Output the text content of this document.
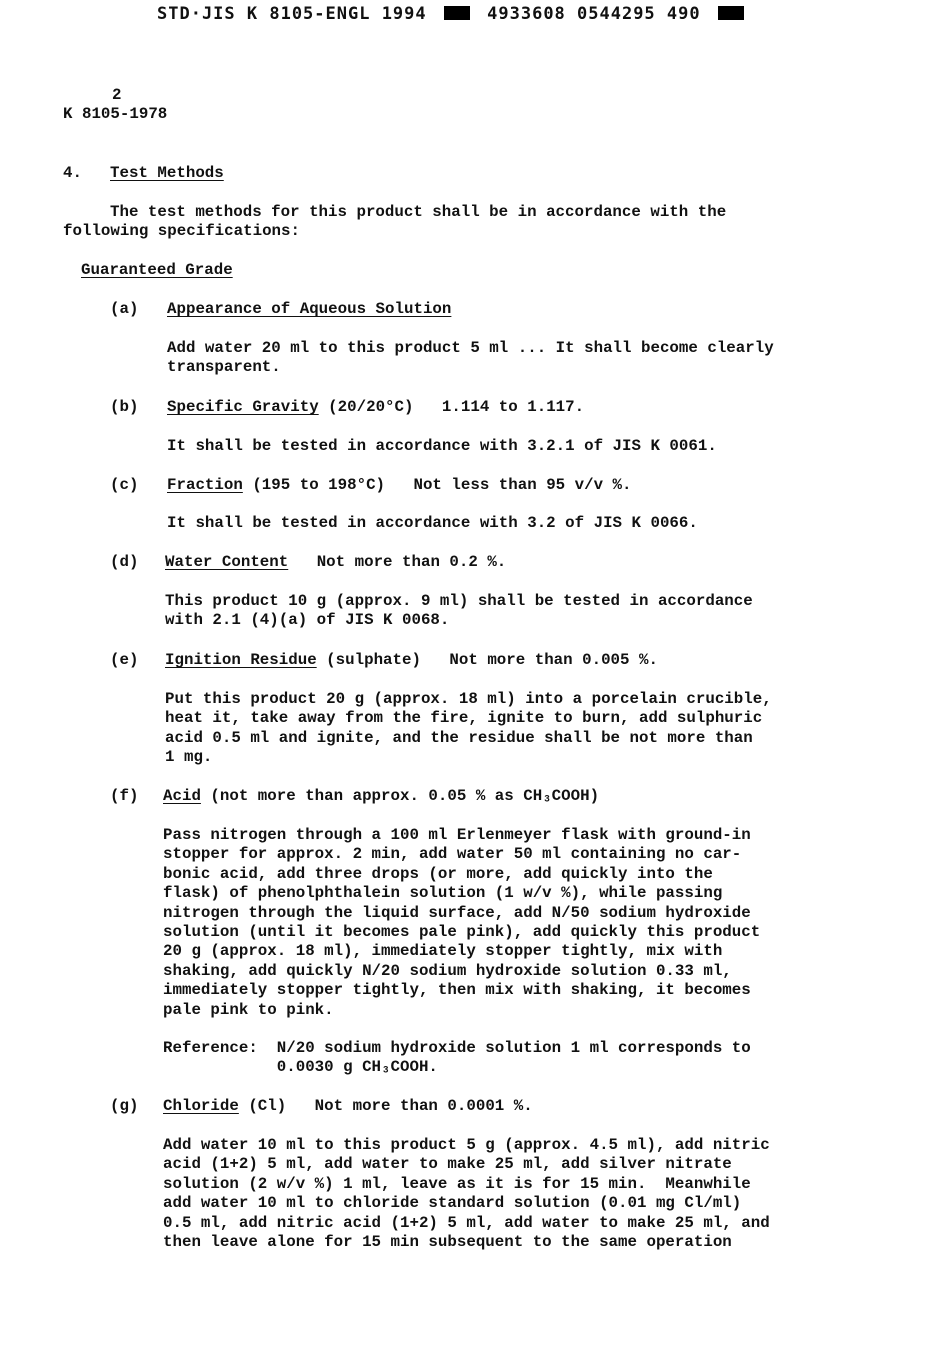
STD·JIS K 8105-ENGL 1994	4933608 0544295 490
2
K 8105-1978
4. Test Methods
The test methods for this product shall be in accordance with the
following specifications:
Guaranteed Grade
(a) Appearance of Aqueous Solution
Add water 20 ml to this product 5 ml ... It shall become clearly
transparent.
(b) Specific Gravity (20/20°C)   1.114 to 1.117.
It shall be tested in accordance with 3.2.1 of JIS K 0061.
(c) Fraction (195 to 198°C)   Not less than 95 v/v %.
It shall be tested in accordance with 3.2 of JIS K 0066.
(d) Water Content   Not more than 0.2 %.
This product 10 g (approx. 9 ml) shall be tested in accordance
with 2.1 (4)(a) of JIS K 0068.
(e) Ignition Residue (sulphate)   Not more than 0.005 %.
Put this product 20 g (approx. 18 ml) into a porcelain crucible,
heat it, take away from the fire, ignite to burn, add sulphuric
acid 0.5 ml and ignite, and the residue shall be not more than
1 mg.
(f) Acid (not more than approx. 0.05 % as CH₃COOH)
Pass nitrogen through a 100 ml Erlenmeyer flask with ground-in
stopper for approx. 2 min, add water 50 ml containing no car-
bonic acid, add three drops (or more, add quickly into the
flask) of phenolphthalein solution (1 w/v %), while passing
nitrogen through the liquid surface, add N/50 sodium hydroxide
solution (until it becomes pale pink), add quickly this product
20 g (approx. 18 ml), immediately stopper tightly, mix with
shaking, add quickly N/20 sodium hydroxide solution 0.33 ml,
immediately stopper tightly, then mix with shaking, it becomes
pale pink to pink.
Reference:  N/20 sodium hydroxide solution 1 ml corresponds to
0.0030 g CH₃COOH.
(g) Chloride (Cl)   Not more than 0.0001 %.
Add water 10 ml to this product 5 g (approx. 4.5 ml), add nitric
acid (1+2) 5 ml, add water to make 25 ml, add silver nitrate
solution (2 w/v %) 1 ml, leave as it is for 15 min.  Meanwhile
add water 10 ml to chloride standard solution (0.01 mg Cl/ml)
0.5 ml, add nitric acid (1+2) 5 ml, add water to make 25 ml, and
then leave alone for 15 min subsequent to the same operation
